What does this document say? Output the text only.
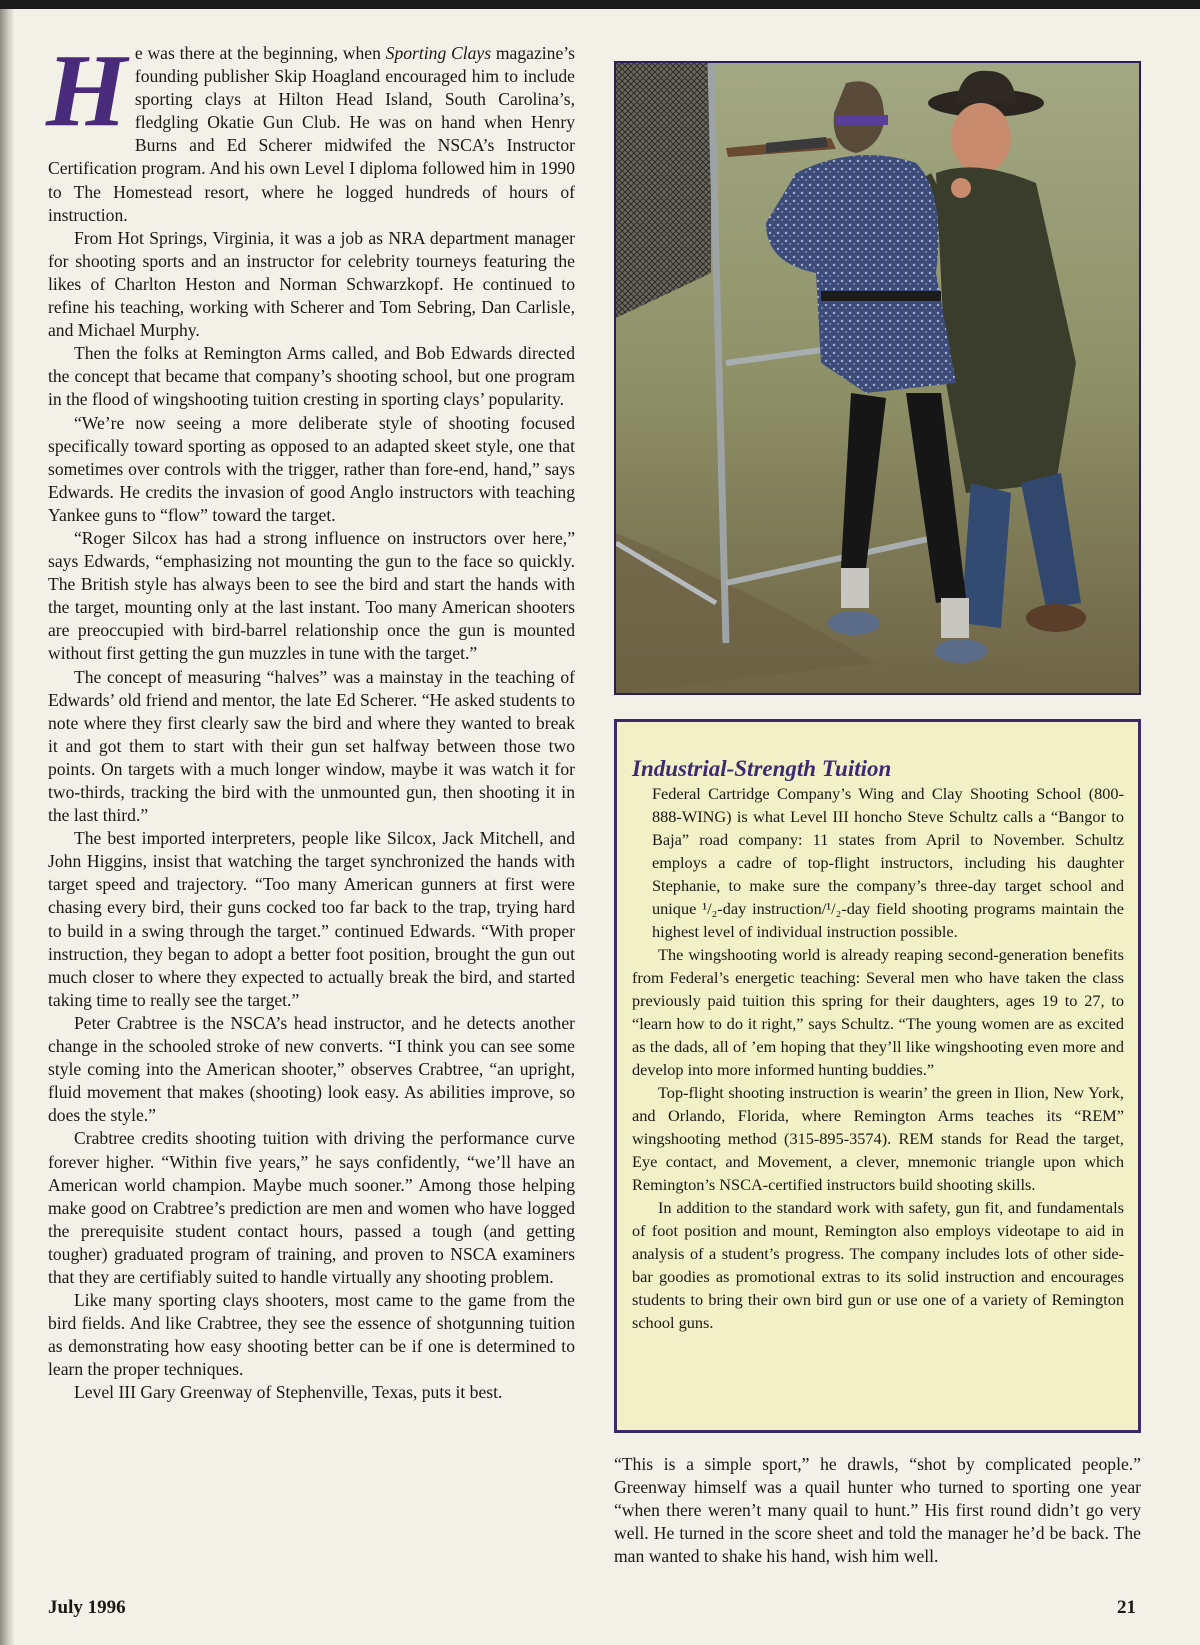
He was there at the beginning, when Sporting Clays magazine’s founding publisher Skip Hoagland encouraged him to include sporting clays at Hilton Head Island, South Carolina’s, fledgling Okatie Gun Club. He was on hand when Henry Burns and Ed Scherer midwifed the NSCA’s Instructor Certification program. And his own Level I diploma followed him in 1990 to The Homestead resort, where he logged hundreds of hours of instruction.

From Hot Springs, Virginia, it was a job as NRA department manager for shooting sports and an instructor for celebrity tourneys featuring the likes of Charlton Heston and Norman Schwarzkopf. He continued to refine his teaching, working with Scherer and Tom Sebring, Dan Carlisle, and Michael Murphy.

Then the folks at Remington Arms called, and Bob Edwards directed the concept that became that company’s shooting school, but one program in the flood of wingshooting tuition cresting in sporting clays’ popularity.

“We’re now seeing a more deliberate style of shooting focused specifically toward sporting as opposed to an adapted skeet style, one that sometimes over controls with the trigger, rather than fore-end, hand,” says Edwards. He credits the invasion of good Anglo instructors with teaching Yankee guns to “flow” toward the target.

“Roger Silcox has had a strong influence on instructors over here,” says Edwards, “emphasizing not mounting the gun to the face so quickly. The British style has always been to see the bird and start the hands with the target, mounting only at the last instant. Too many American shooters are preoccupied with bird-barrel relationship once the gun is mounted without first getting the gun muzzles in tune with the target.”

The concept of measuring “halves” was a mainstay in the teaching of Edwards’ old friend and mentor, the late Ed Scherer. “He asked students to note where they first clearly saw the bird and where they wanted to break it and got them to start with their gun set halfway between those two points. On targets with a much longer window, maybe it was watch it for two-thirds, tracking the bird with the unmounted gun, then shooting it in the last third.”

The best imported interpreters, people like Silcox, Jack Mitchell, and John Higgins, insist that watching the target synchronized the hands with target speed and trajectory. “Too many American gunners at first were chasing every bird, their guns cocked too far back to the trap, trying hard to build in a swing through the target.” continued Edwards. “With proper instruction, they began to adopt a better foot position, brought the gun out much closer to where they expected to actually break the bird, and started taking time to really see the target.”

Peter Crabtree is the NSCA’s head instructor, and he detects another change in the schooled stroke of new converts. “I think you can see some style coming into the American shooter,” observes Crabtree, “an upright, fluid movement that makes (shooting) look easy. As abilities improve, so does the style.”

Crabtree credits shooting tuition with driving the performance curve forever higher. “Within five years,” he says confidently, “we’ll have an American world champion. Maybe much sooner.” Among those helping make good on Crabtree’s prediction are men and women who have logged the prerequisite student contact hours, passed a tough (and getting tougher) graduated program of training, and proven to NSCA examiners that they are certifiably suited to handle virtually any shooting problem.

Like many sporting clays shooters, most came to the game from the bird fields. And like Crabtree, they see the essence of shotgunning tuition as demonstrating how easy shooting better can be if one is determined to learn the proper techniques.

Level III Gary Greenway of Stephenville, Texas, puts it best.

Industrial-Strength Tuition

Federal Cartridge Company’s Wing and Clay Shooting School (800-888-WING) is what Level III honcho Steve Schultz calls a “Bangor to Baja” road company: 11 states from April to November. Schultz employs a cadre of top-flight instructors, including his daughter Stephanie, to make sure the company’s three-day target school and unique ¹/₂-day instruction/¹/₂-day field shooting programs maintain the highest level of individual instruction possible.

The wingshooting world is already reaping second-generation benefits from Federal’s energetic teaching: Several men who have taken the class previously paid tuition this spring for their daughters, ages 19 to 27, to “learn how to do it right,” says Schultz. “The young women are as excited as the dads, all of ’em hoping that they’ll like wingshooting even more and develop into more informed hunting buddies.”

Top-flight shooting instruction is wearin’ the green in Ilion, New York, and Orlando, Florida, where Remington Arms teaches its “REM” wingshooting method (315-895-3574). REM stands for Read the target, Eye contact, and Movement, a clever, mnemonic triangle upon which Remington’s NSCA-certified instructors build shooting skills.

In addition to the standard work with safety, gun fit, and fundamentals of foot position and mount, Remington also employs videotape to aid in analysis of a student’s progress. The company includes lots of other side-bar goodies as promotional extras to its solid instruction and encourages students to bring their own bird gun or use one of a variety of Remington school guns.

“This is a simple sport,” he drawls, “shot by complicated people.” Greenway himself was a quail hunter who turned to sporting one year “when there weren’t many quail to hunt.” His first round didn’t go very well. He turned in the score sheet and told the manager he’d be back. The man wanted to shake his hand, wish him well.

July 1996	21
